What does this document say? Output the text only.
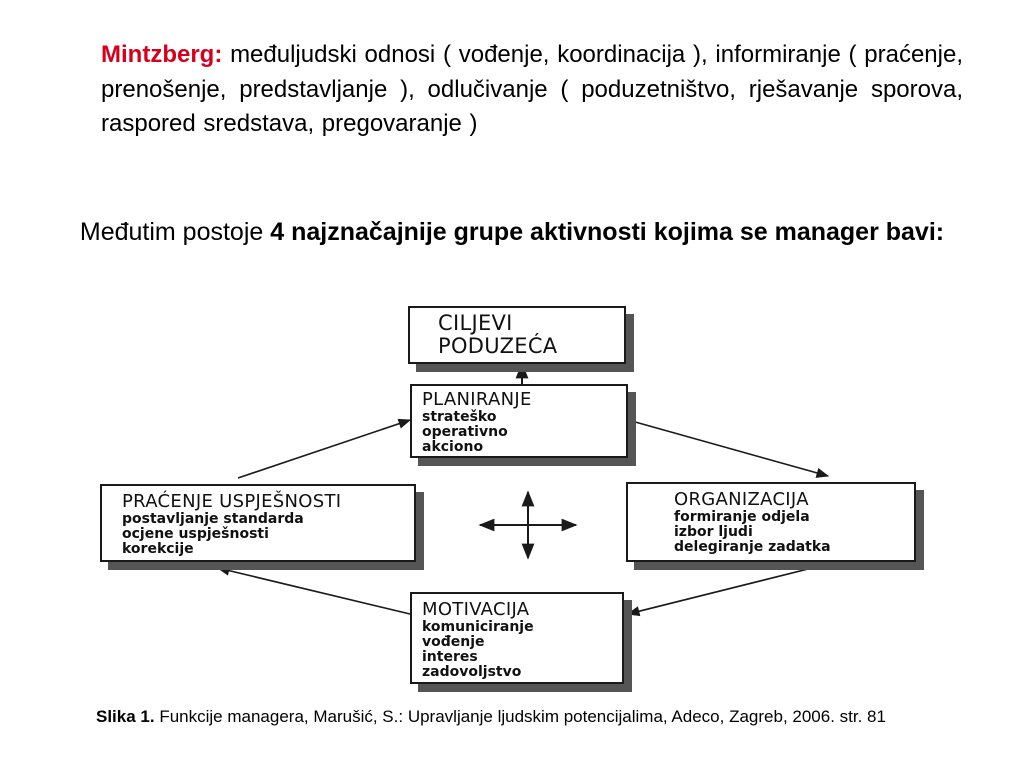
Mintzberg: međuljudski odnosi ( vođenje, koordinacija ), informiranje ( praćenje, prenošenje, predstavljanje ), odlučivanje ( poduzetništvo, rješavanje sporova, raspored sredstava, pregovaranje )
Međutim postoje 4 najznačajnije grupe aktivnosti kojima se manager bavi:
CILJEVI
PODUZEĆA
PLANIRANJE
strateško
operativno
akciono
PRAĆENJE USPJEŠNOSTI
postavljanje standarda
ocjene uspješnosti
korekcije
ORGANIZACIJA
formiranje odjela
izbor ljudi
delegiranje zadatka
MOTIVACIJA
komuniciranje
vođenje
interes
zadovoljstvo
Slika 1. Funkcije managera, Marušić, S.: Upravljanje ljudskim potencijalima, Adeco, Zagreb, 2006. str. 81
